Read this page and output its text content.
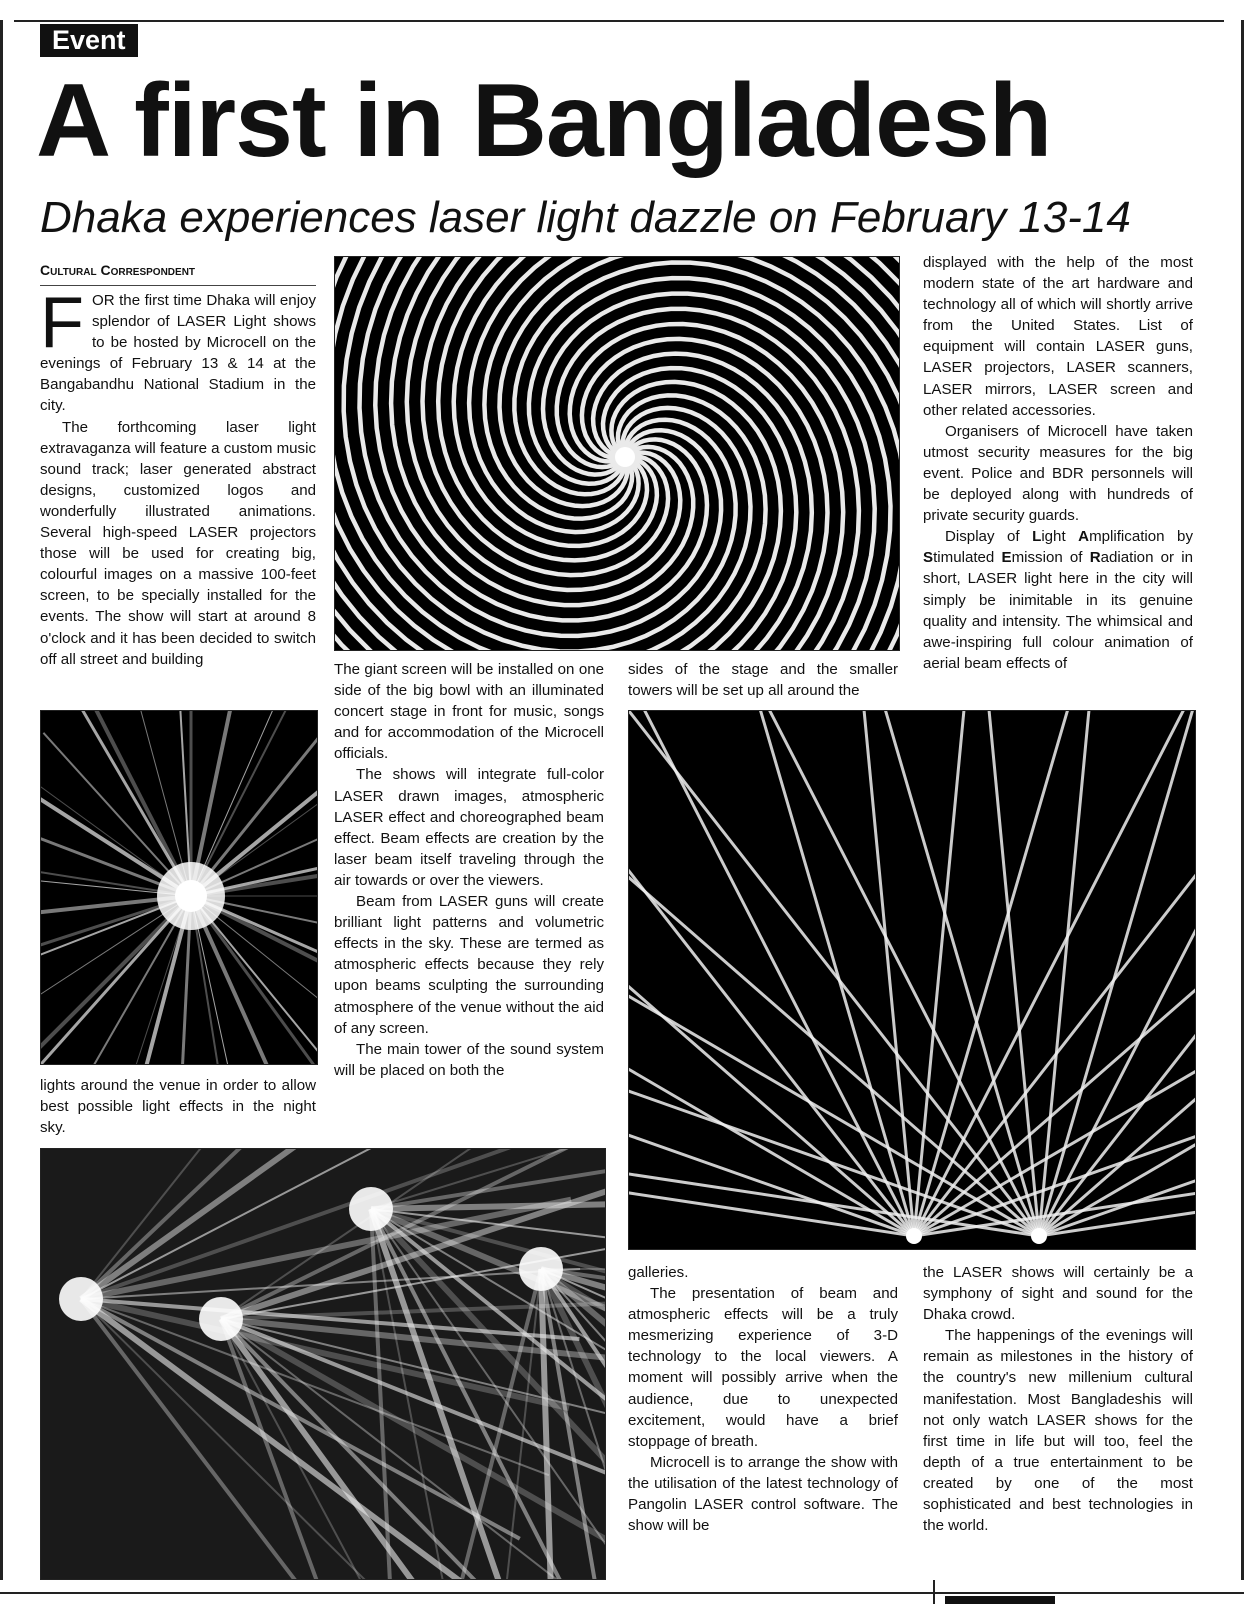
Event
A first in Bangladesh
Dhaka experiences laser light dazzle on February 13-14
Cultural Correspondent

FOR the first time Dhaka will enjoy splendor of LASER Light shows to be hosted by Microcell on the evenings of February 13 & 14 at the Bangabandhu National Stadium in the city.

The forthcoming laser light extravaganza will feature a custom music sound track; laser generated abstract designs, customized logos and wonderfully illustrated animations. Several high-speed LASER projectors those will be used for creating big, colourful images on a massive 100-feet screen, to be specially installed for the events. The show will start at around 8 o'clock and it has been decided to switch off all street and building

lights around the venue in order to allow best possible light effects in the night sky.

The giant screen will be installed on one side of the big bowl with an illuminated concert stage in front for music, songs and for accommodation of the Microcell officials.

The shows will integrate full-color LASER drawn images, atmospheric LASER effect and choreographed beam effect. Beam effects are creation by the laser beam itself traveling through the air towards or over the viewers.

Beam from LASER guns will create brilliant light patterns and volumetric effects in the sky. These are termed as atmospheric effects because they rely upon beams sculpting the surrounding atmosphere of the venue without the aid of any screen.

The main tower of the sound system will be placed on both the

sides of the stage and the smaller towers will be set up all around the

galleries.

The presentation of beam and atmospheric effects will be a truly mesmerizing experience of 3-D technology to the local viewers. A moment will possibly arrive when the audience, due to unexpected excitement, would have a brief stoppage of breath.

Microcell is to arrange the show with the utilisation of the latest technology of Pangolin LASER control software. The show will be

displayed with the help of the most modern state of the art hardware and technology all of which will shortly arrive from the United States. List of equipment will contain LASER guns, LASER projectors, LASER scanners, LASER mirrors, LASER screen and other related accessories.

Organisers of Microcell have taken utmost security measures for the big event. Police and BDR personnels will be deployed along with hundreds of private security guards.

Display of Light Amplification by Stimulated Emission of Radiation or in short, LASER light here in the city will simply be inimitable in its genuine quality and intensity. The whimsical and awe-inspiring full colour animation of aerial beam effects of

the LASER shows will certainly be a symphony of sight and sound for the Dhaka crowd.

The happenings of the evenings will remain as milestones in the history of the country's new millenium cultural manifestation. Most Bangladeshis will not only watch LASER shows for the first time in life but will too, feel the depth of a true entertainment to be created by one of the most sophisticated and best technologies in the world.
